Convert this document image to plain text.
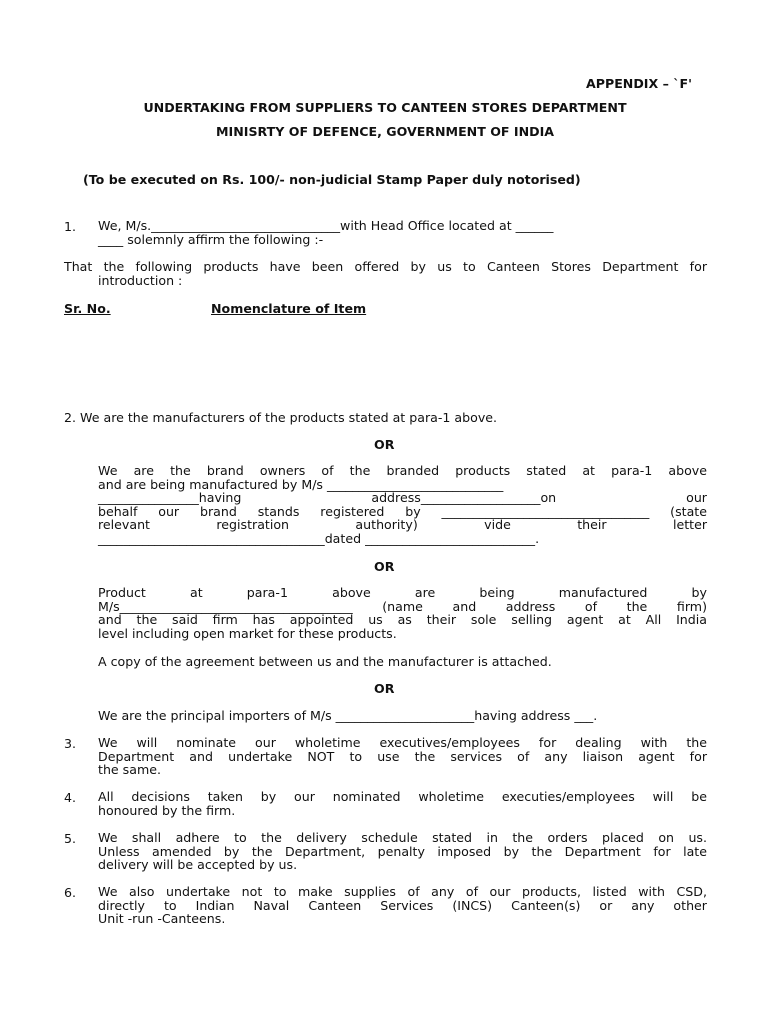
APPENDIX – `F'
UNDERTAKING FROM SUPPLIERS TO CANTEEN STORES DEPARTMENT
MINISRTY OF DEFENCE, GOVERNMENT OF INDIA
(To be executed on Rs. 100/- non-judicial Stamp Paper duly notorised)
1. We, M/s.______________________________with Head Office located at ______
____ solemnly affirm the following :-
That the following products have been offered by us to Canteen Stores Department for
introduction :
Sr. No.	Nomenclature of Item
2. We are the manufacturers of the products stated at para-1 above.
OR
We are the brand owners of the branded products stated at para-1 above
and are being manufactured by M/s ____________________________
________________having address___________________on our
behalf our brand stands registered by _________________________________ (state
relevant registration authority) vide their letter
____________________________________dated ___________________________.
OR
Product at para-1 above are being manufactured by
M/s_____________________________________ (name and address of the firm)
and the said firm has appointed us as their sole selling agent at All India
level including open market for these products.
A copy of the agreement between us and the manufacturer is attached.
OR
We are the principal importers of M/s ______________________having address ___.
3. We will nominate our wholetime executives/employees for dealing with the
Department and undertake NOT to use the services of any liaison agent for
the same.
4. All decisions taken by our nominated wholetime executies/employees will be
honoured by the firm.
5. We shall adhere to the delivery schedule stated in the orders placed on us.
Unless amended by the Department, penalty imposed by the Department for late
delivery will be accepted by us.
6. We also undertake not to make supplies of any of our products, listed with CSD,
directly to Indian Naval Canteen Services (INCS) Canteen(s) or any other
Unit -run -Canteens.
